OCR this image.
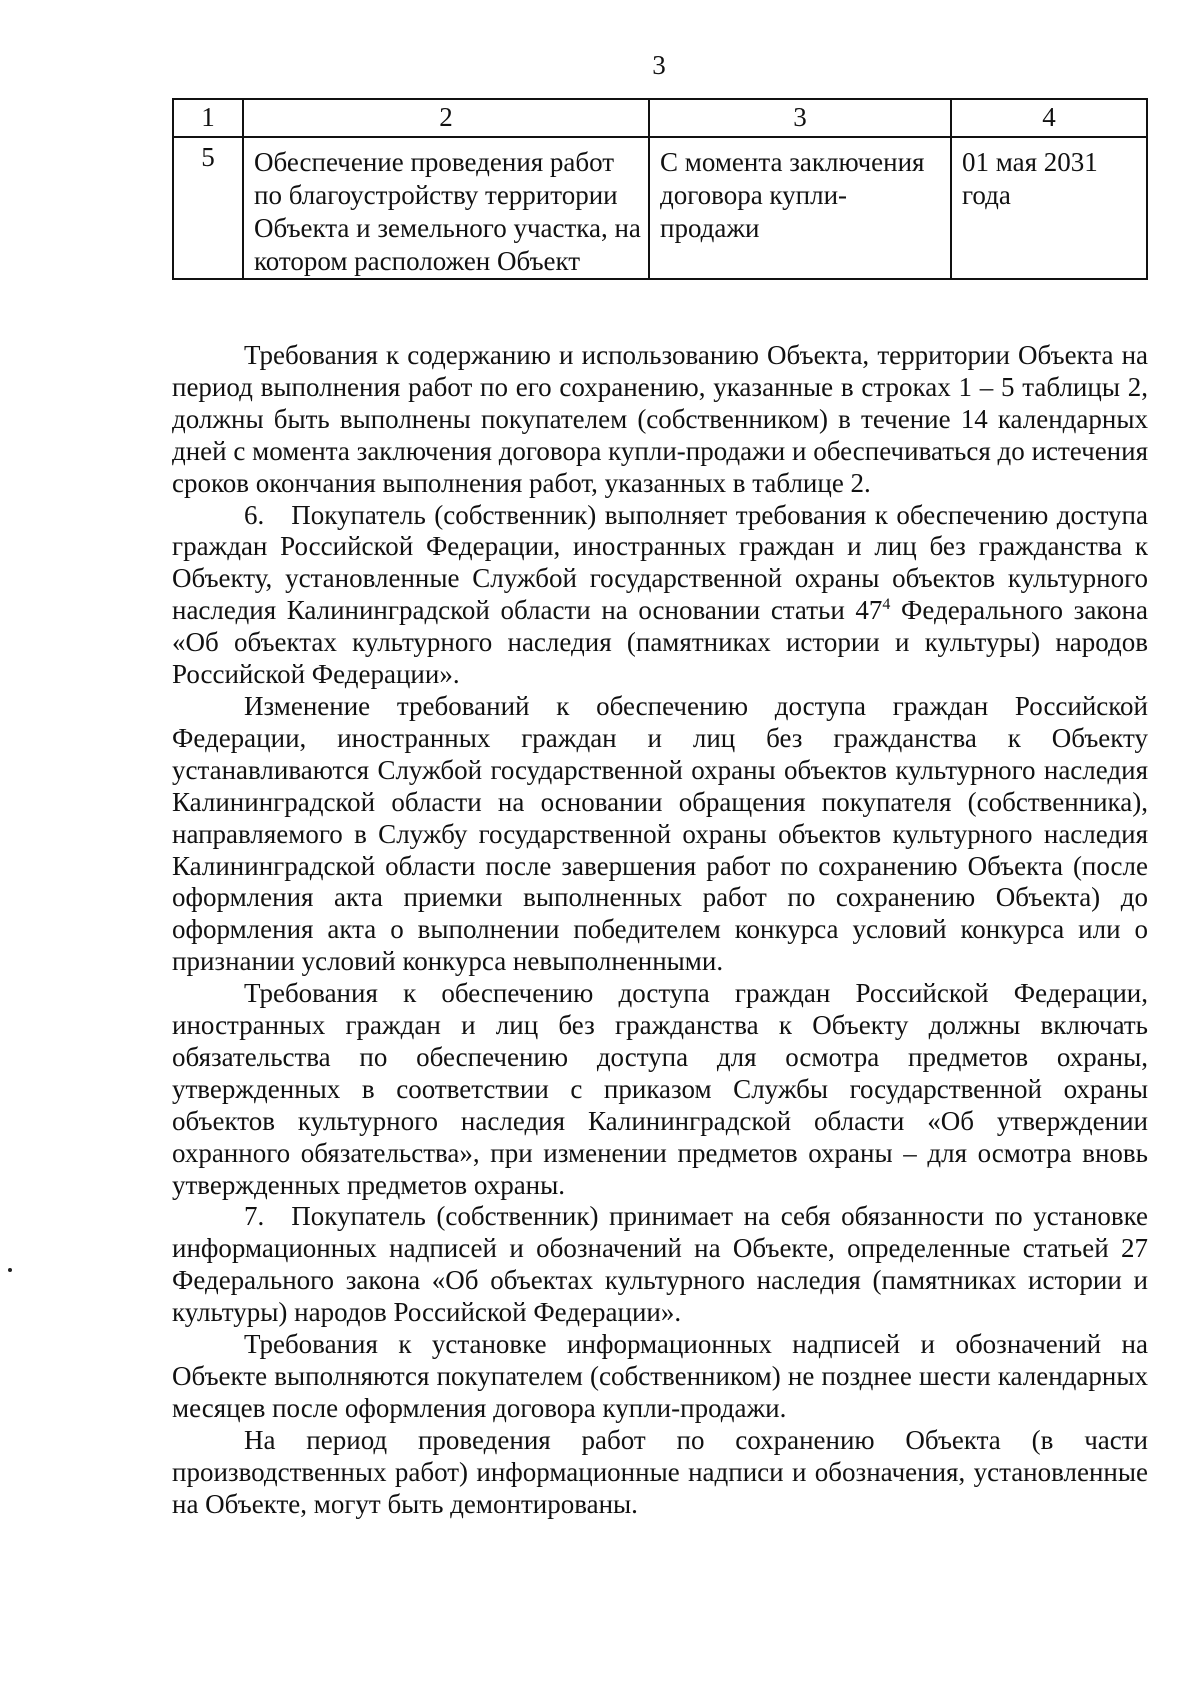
3
1	2	3	4
5	Обеспечение проведения работ по благоустройству территории Объекта и земельного участка, на котором расположен Объект	С момента заключения договора купли-продажи	01 мая 2031 года

Требования к содержанию и использованию Объекта, территории Объекта на период выполнения работ по его сохранению, указанные в строках 1 – 5 таблицы 2, должны быть выполнены покупателем (собственником) в течение 14 календарных дней с момента заключения договора купли-продажи и обеспечиваться до истечения сроков окончания выполнения работ, указанных в таблице 2.

6. Покупатель (собственник) выполняет требования к обеспечению доступа граждан Российской Федерации, иностранных граждан и лиц без гражданства к Объекту, установленные Службой государственной охраны объектов культурного наследия Калининградской области на основании статьи $47^4$ Федерального закона «Об объектах культурного наследия (памятниках истории и культуры) народов Российской Федерации».

Изменение требований к обеспечению доступа граждан Российской Федерации, иностранных граждан и лиц без гражданства к Объекту устанавливаются Службой государственной охраны объектов культурного наследия Калининградской области на основании обращения покупателя (собственника), направляемого в Службу государственной охраны объектов культурного наследия Калининградской области после завершения работ по сохранению Объекта (после оформления акта приемки выполненных работ по сохранению Объекта) до оформления акта о выполнении победителем конкурса условий конкурса или о признании условий конкурса невыполненными.

Требования к обеспечению доступа граждан Российской Федерации, иностранных граждан и лиц без гражданства к Объекту должны включать обязательства по обеспечению доступа для осмотра предметов охраны, утвержденных в соответствии с приказом Службы государственной охраны объектов культурного наследия Калининградской области «Об утверждении охранного обязательства», при изменении предметов охраны – для осмотра вновь утвержденных предметов охраны.

7. Покупатель (собственник) принимает на себя обязанности по установке информационных надписей и обозначений на Объекте, определенные статьей 27 Федерального закона «Об объектах культурного наследия (памятниках истории и культуры) народов Российской Федерации».

Требования к установке информационных надписей и обозначений на Объекте выполняются покупателем (собственником) не позднее шести календарных месяцев после оформления договора купли-продажи.

На период проведения работ по сохранению Объекта (в части производственных работ) информационные надписи и обозначения, установленные на Объекте, могут быть демонтированы.
